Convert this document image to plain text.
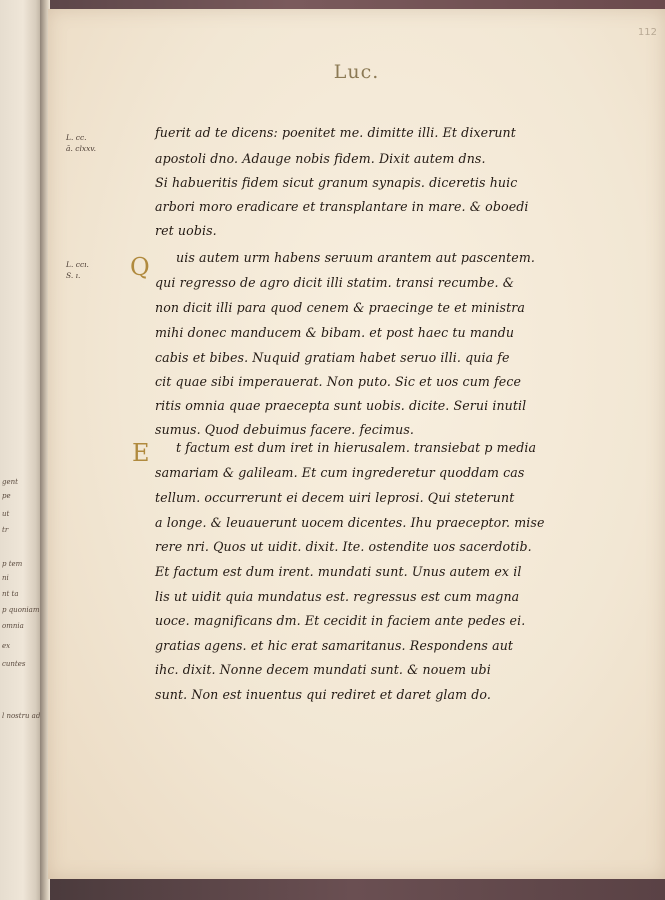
gent
pe
ut
tr
p tem
ni
nt ta
p quoniam
omnia
ex
cuntes
l nostru ad
112
Luc.
L. cc.
ā. clxxv.
L. ccı.
S. ı.	Q
E
fuerit ad te dicens: poenitet me. dimitte illi. Et dixerunt
apostoli dno. Adauge nobis fidem. Dixit autem dns.
Si habueritis fidem sicut granum synapis. diceretis huic
arbori moro eradicare et transplantare in mare. & oboedi
ret uobis.
uis autem urm habens seruum arantem aut pascentem.
qui regresso de agro dicit illi statim. transi recumbe. &
non dicit illi para quod cenem & praecinge te et ministra
mihi donec manducem & bibam. et post haec tu mandu
cabis et bibes. Nuquid gratiam habet seruo illi. quia fe
cit quae sibi imperauerat. Non puto. Sic et uos cum fece
ritis omnia quae praecepta sunt uobis. dicite. Serui inutil
sumus. Quod debuimus facere. fecimus.
t factum est dum iret in hierusalem. transiebat p media
samariam & galileam. Et cum ingrederetur quoddam cas
tellum. occurrerunt ei decem uiri leprosi. Qui steterunt
a longe. & leuauerunt uocem dicentes. Ihu praeceptor. mise
rere nri. Quos ut uidit. dixit. Ite. ostendite uos sacerdotib.
Et factum est dum irent. mundati sunt. Unus autem ex il
lis ut uidit quia mundatus est. regressus est cum magna
uoce. magnificans dm. Et cecidit in faciem ante pedes ei.
gratias agens. et hic erat samaritanus. Respondens aut
ihc. dixit. Nonne decem mundati sunt. & nouem ubi
sunt. Non est inuentus qui rediret et daret glam do.
